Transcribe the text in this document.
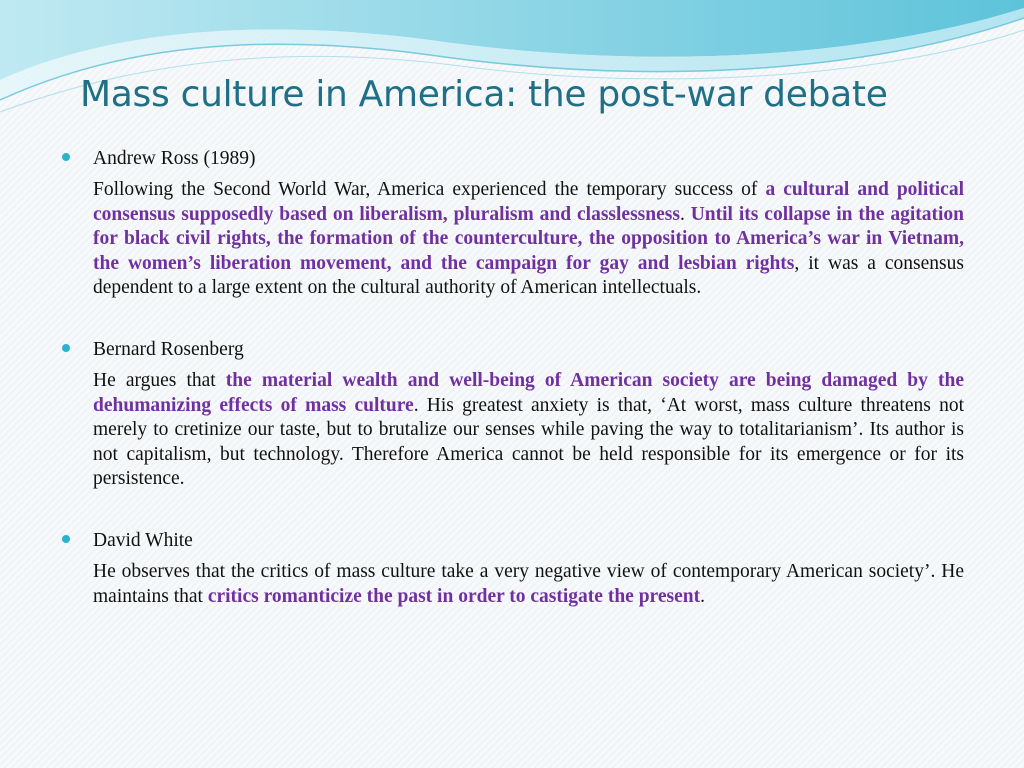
Mass culture in America: the post-war debate
Andrew Ross (1989)
Following the Second World War, America experienced the temporary success of a cultural and political consensus supposedly based on liberalism, pluralism and classlessness. Until its collapse in the agitation for black civil rights, the formation of the counterculture, the opposition to America’s war in Vietnam, the women’s liberation movement, and the campaign for gay and lesbian rights, it was a consensus dependent to a large extent on the cultural authority of American intellectuals.
Bernard Rosenberg
He argues that the material wealth and well-being of American society are being damaged by the dehumanizing effects of mass culture. His greatest anxiety is that, ‘At worst, mass culture threatens not merely to cretinize our taste, but to brutalize our senses while paving the way to totalitarianism’. Its author is not capitalism, but technology. Therefore America cannot be held responsible for its emergence or for its persistence.
David White
He observes that the critics of mass culture take a very negative view of contemporary American society’. He maintains that critics romanticize the past in order to castigate the present.
